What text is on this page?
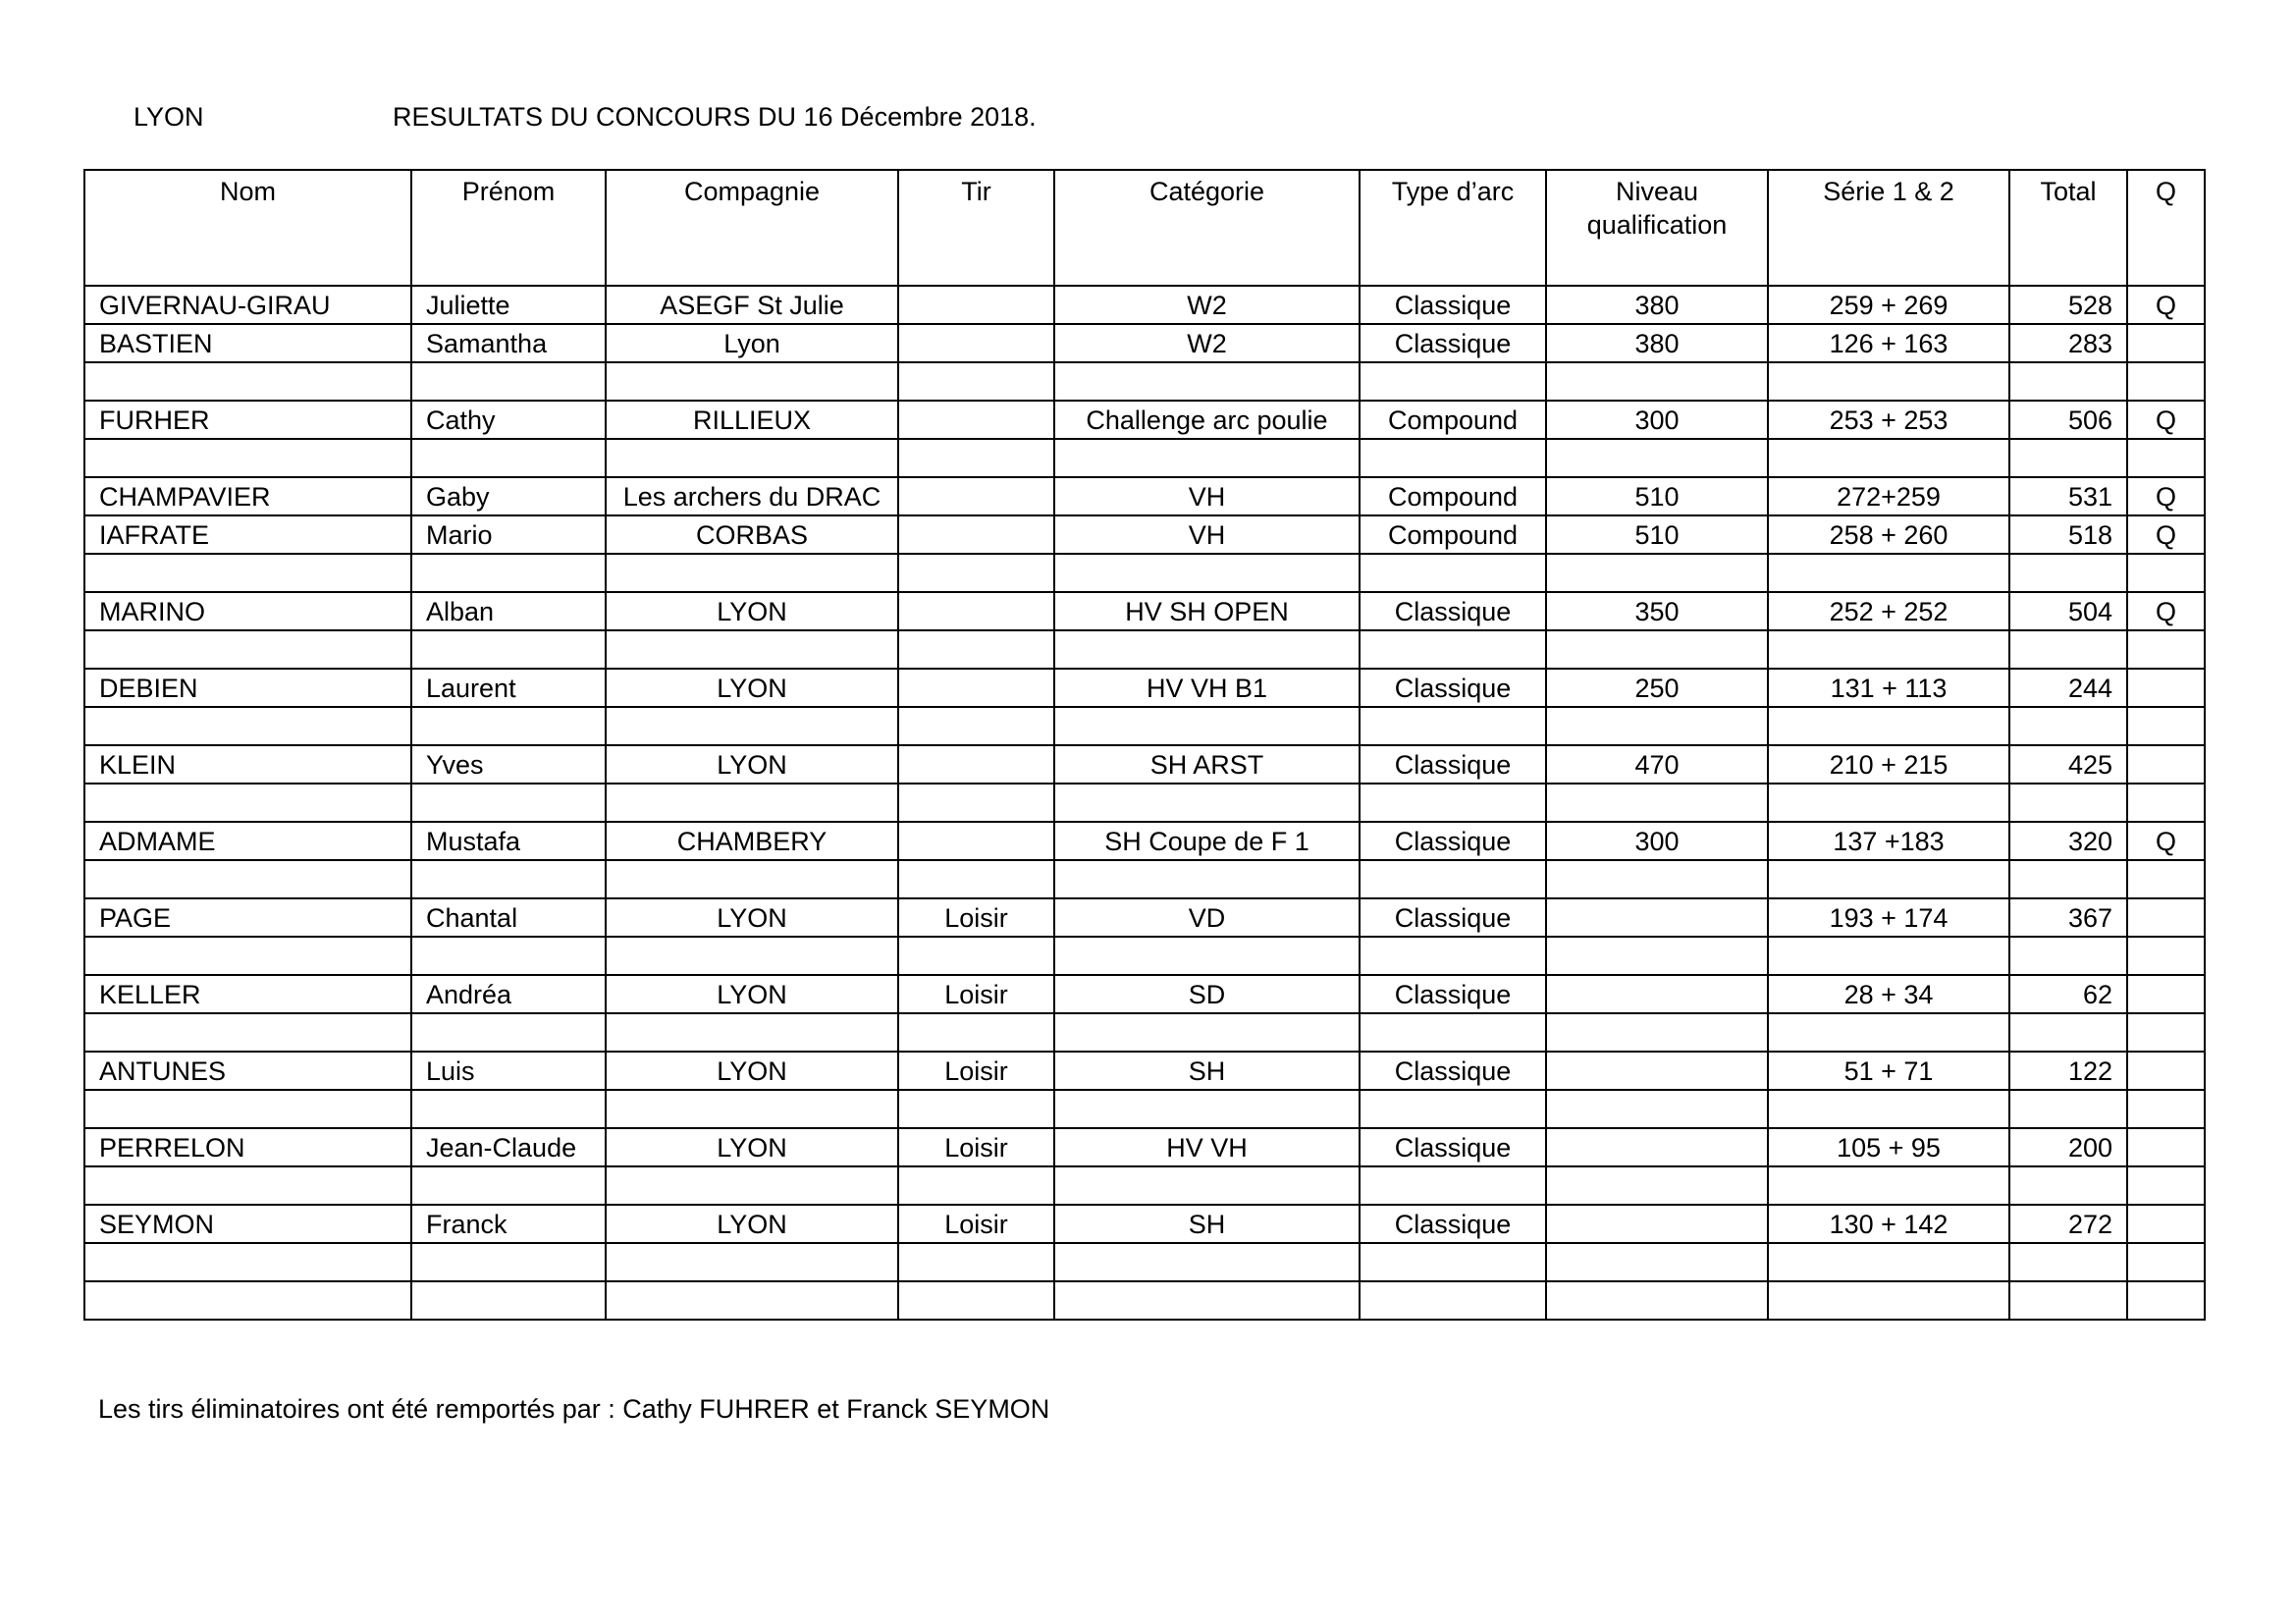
LYON	RESULTATS DU CONCOURS DU 16 Décembre 2018.
Nom	Prénom	Compagnie	Tir	Catégorie	Type d’arc	Niveau qualification	Série 1 & 2	Total	Q
GIVERNAU-GIRAU	Juliette	ASEGF St Julie		W2	Classique	380	259 + 269	528	Q
BASTIEN	Samantha	Lyon		W2	Classique	380	126 + 163	283	

FURHER	Cathy	RILLIEUX		Challenge arc poulie	Compound	300	253 + 253	506	Q

CHAMPAVIER	Gaby	Les archers du DRAC		VH	Compound	510	272+259	531	Q
IAFRATE	Mario	CORBAS		VH	Compound	510	258 + 260	518	Q

MARINO	Alban	LYON		HV SH OPEN	Classique	350	252 + 252	504	Q

DEBIEN	Laurent	LYON		HV VH B1	Classique	250	131 + 113	244	

KLEIN	Yves	LYON		SH ARST	Classique	470	210 + 215	425	

ADMAME	Mustafa	CHAMBERY		SH Coupe de F 1	Classique	300	137 +183	320	Q

PAGE	Chantal	LYON	Loisir	VD	Classique		193 + 174	367	

KELLER	Andréa	LYON	Loisir	SD	Classique		28 + 34	62	

ANTUNES	Luis	LYON	Loisir	SH	Classique		51 + 71	122	

PERRELON	Jean-Claude	LYON	Loisir	HV VH	Classique		105 + 95	200	

SEYMON	Franck	LYON	Loisir	SH	Classique		130 + 142	272	

Les tirs éliminatoires ont été remportés par : Cathy FUHRER et Franck SEYMON
